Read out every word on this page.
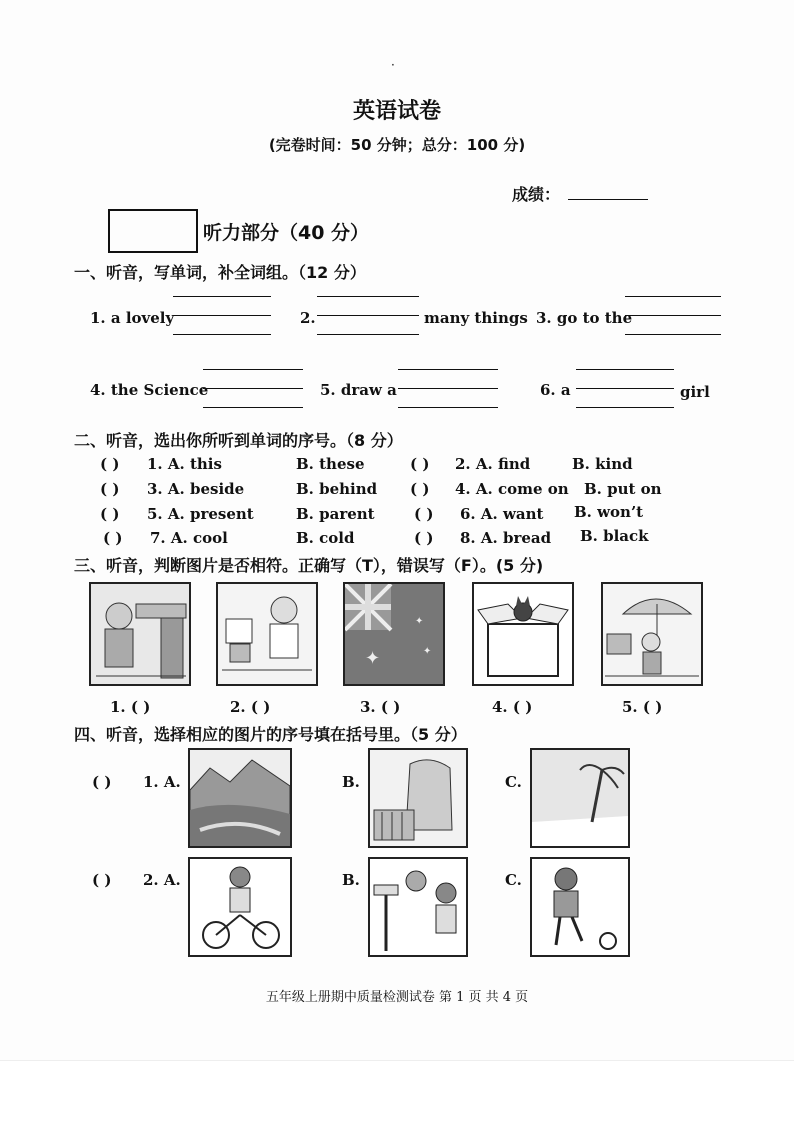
·
英语试卷
(完卷时间：50 分钟；总分：100 分)
成绩：
听力部分（40 分）
一、听音，写单词，补全词组。（12 分）
1. a lovely	2.	many things 3. go to the
4. the Science	5. draw a	6. a	girl
二、听音，选出你所听到单词的序号。（8 分）
( ) 1. A. this	B. these	( ) 2. A. find	B. kind
( ) 3. A. beside	B. behind ( ) 4. A. come on B. put on
( ) 5. A. present	B. parent	( ) 6. A. want B. won’t
( ) 7. A. cool	B. cold	( ) 8. A. bread B. black
三、听音，判断图片是否相符。正确写（T），错误写（F）。(5 分)
✦
✦
✦
1. ( )	2. ( )	3. ( )	4. ( )	5. ( )
四、听音，选择相应的图片的序号填在括号里。（5 分）
( ) 1. A.	B.	C.
( ) 2. A.	B.	C.
五年级上册期中质量检测试卷 第 1 页 共 4 页
